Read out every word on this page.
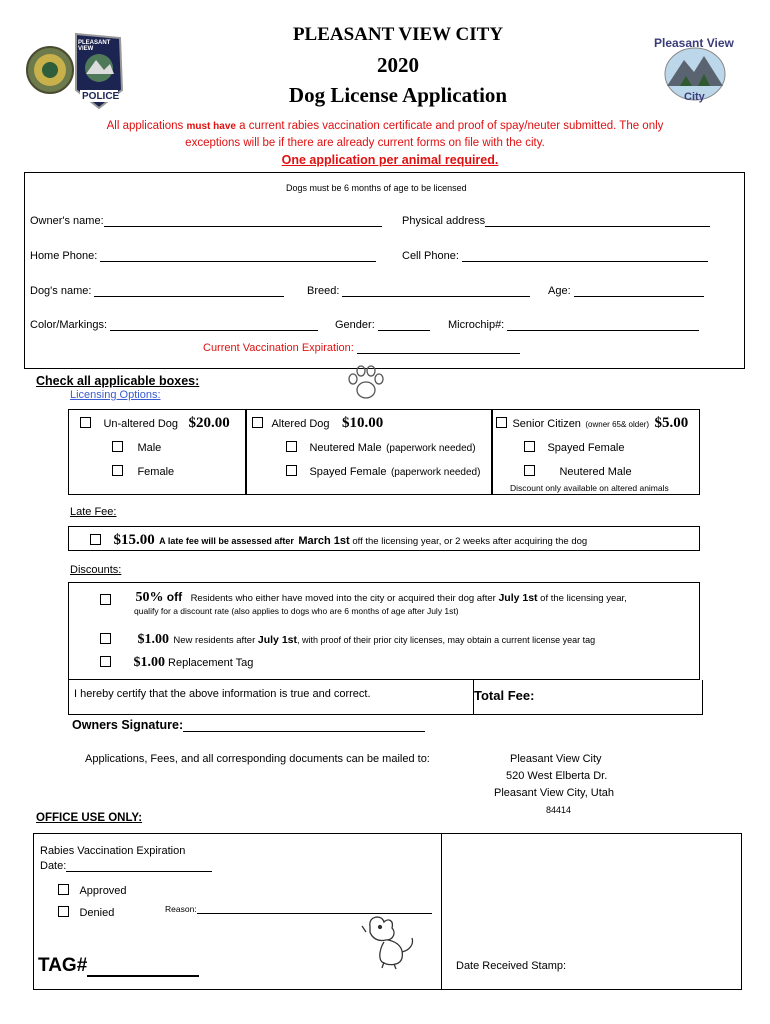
PLEASANT VIEW
POLICE
PLEASANT VIEW CITY
2020
Dog License Application
Pleasant View
City
All applications must have a current rabies vaccination certificate and proof of spay/neuter submitted. The only
exceptions will be if there are already current forms on file with the city.
One application per animal required.
Dogs must be 6 months of age to be licensed
Owner's name:	Physical address
Home Phone:	Cell Phone:
Dog's name:	Breed:	Age:
Color/Markings:	Gender:	Microchip#:
Current Vaccination Expiration:
Check all applicable boxes:
Licensing Options:
Un-altered Dog $20.00
Male
Female
Altered Dog $10.00
Neutered Male (paperwork needed)
Spayed Female (paperwork needed)
Senior Citizen (owner 65& older) $5.00
Spayed Female
Neutered Male
Discount only available on altered animals
Late Fee:
$15.00 A late fee will be assessed after March 1st off the licensing year, or 2 weeks after acquiring the dog
Discounts:
50% off Residents who either have moved into the city or acquired their dog after July 1st of the licensing year,
qualify for a discount rate (also applies to dogs who are 6 months of age after July 1st)
$1.00 New residents after July 1st, with proof of their prior city licenses, may obtain a current license year tag
$1.00 Replacement Tag
I hereby certify that the above information is true and correct.	Total Fee:
Owners Signature:
Applications, Fees, and all corresponding documents can be mailed to:	Pleasant View City
520 West Elberta Dr.
Pleasant View City, Utah
84414
OFFICE USE ONLY:
Rabies Vaccination Expiration
Date:
Approved
Denied	Reason:
TAG#	Date Received Stamp:
